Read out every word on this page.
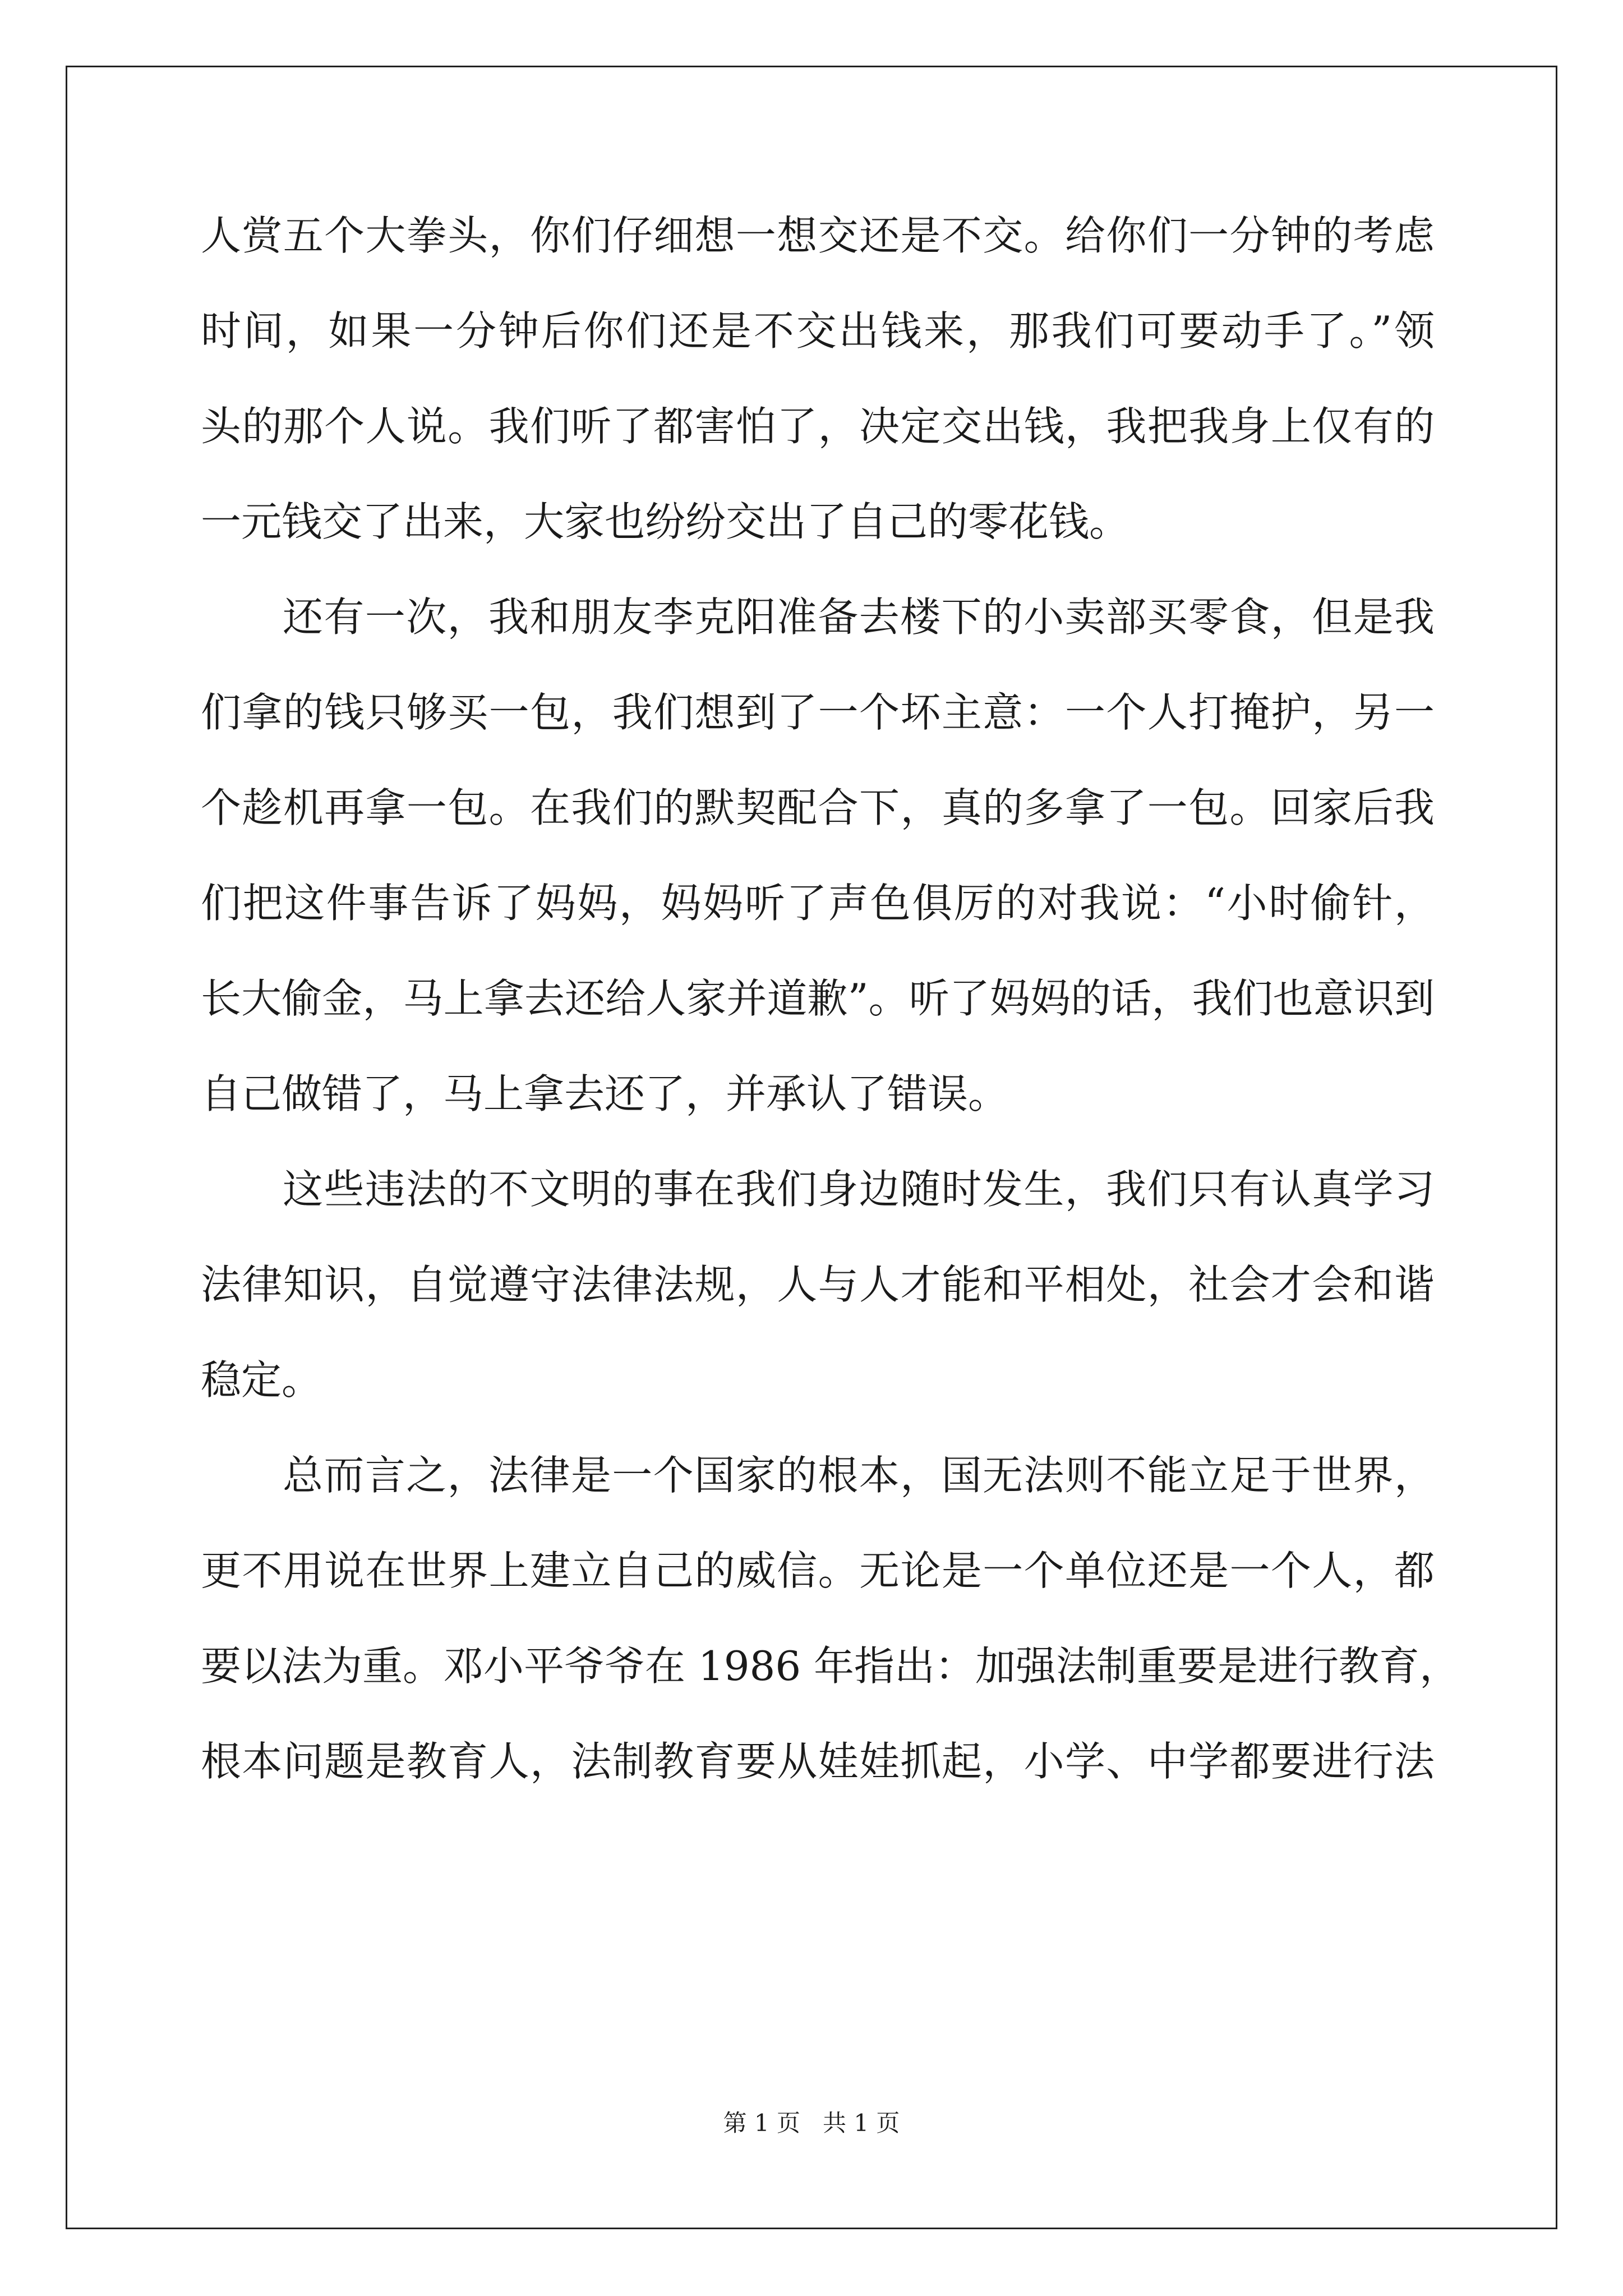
人赏五个大拳头，你们仔细想一想交还是不交。给你们一分钟的考虑
时间，如果一分钟后你们还是不交出钱来，那我们可要动手了。”领
头的那个人说。我们听了都害怕了，决定交出钱，我把我身上仅有的
一元钱交了出来，大家也纷纷交出了自己的零花钱。
还有一次，我和朋友李克阳准备去楼下的小卖部买零食，但是我
们拿的钱只够买一包，我们想到了一个坏主意：一个人打掩护，另一
个趁机再拿一包。在我们的默契配合下，真的多拿了一包。回家后我
们把这件事告诉了妈妈，妈妈听了声色俱厉的对我说：“小时偷针，
长大偷金，马上拿去还给人家并道歉”。听了妈妈的话，我们也意识到
自己做错了，马上拿去还了，并承认了错误。
这些违法的不文明的事在我们身边随时发生，我们只有认真学习
法律知识，自觉遵守法律法规，人与人才能和平相处，社会才会和谐
稳定。
总而言之，法律是一个国家的根本，国无法则不能立足于世界，
更不用说在世界上建立自己的威信。无论是一个单位还是一个人，都
要以法为重。邓小平爷爷在 1986 年指出：加强法制重要是进行教育，
根本问题是教育人，法制教育要从娃娃抓起，小学、中学都要进行法
第 1 页 共 1 页
